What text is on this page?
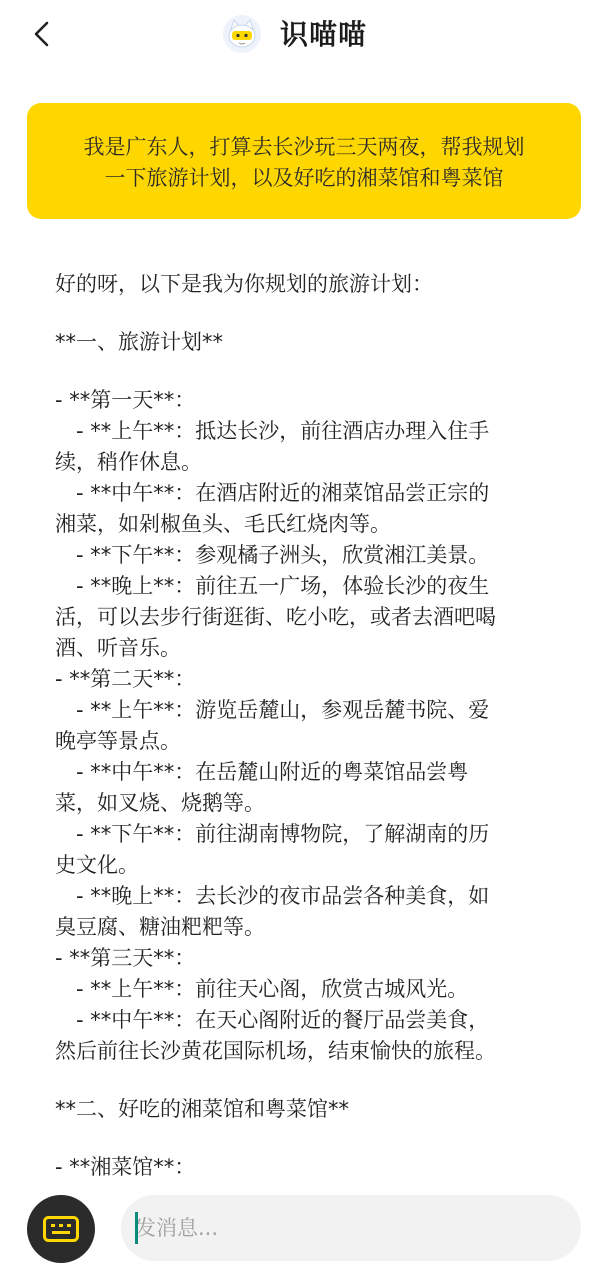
识喵喵
我是广东人，打算去长沙玩三天两夜，帮我规划
一下旅游计划，以及好吃的湘菜馆和粤菜馆
好的呀，以下是我为你规划的旅游计划：
**一、旅游计划**
- **第一天**：
- **上午**：抵达长沙，前往酒店办理入住手
续，稍作休息。
- **中午**：在酒店附近的湘菜馆品尝正宗的
湘菜，如剁椒鱼头、毛氏红烧肉等。
- **下午**：参观橘子洲头，欣赏湘江美景。
- **晚上**：前往五一广场，体验长沙的夜生
活，可以去步行街逛街、吃小吃，或者去酒吧喝
酒、听音乐。
- **第二天**：
- **上午**：游览岳麓山，参观岳麓书院、爱
晚亭等景点。
- **中午**：在岳麓山附近的粤菜馆品尝粤
菜，如叉烧、烧鹅等。
- **下午**：前往湖南博物院，了解湖南的历
史文化。
- **晚上**：去长沙的夜市品尝各种美食，如
臭豆腐、糖油粑粑等。
- **第三天**：
- **上午**：前往天心阁，欣赏古城风光。
- **中午**：在天心阁附近的餐厅品尝美食，
然后前往长沙黄花国际机场，结束愉快的旅程。
**二、好吃的湘菜馆和粤菜馆**
- **湘菜馆**：
发消息...
